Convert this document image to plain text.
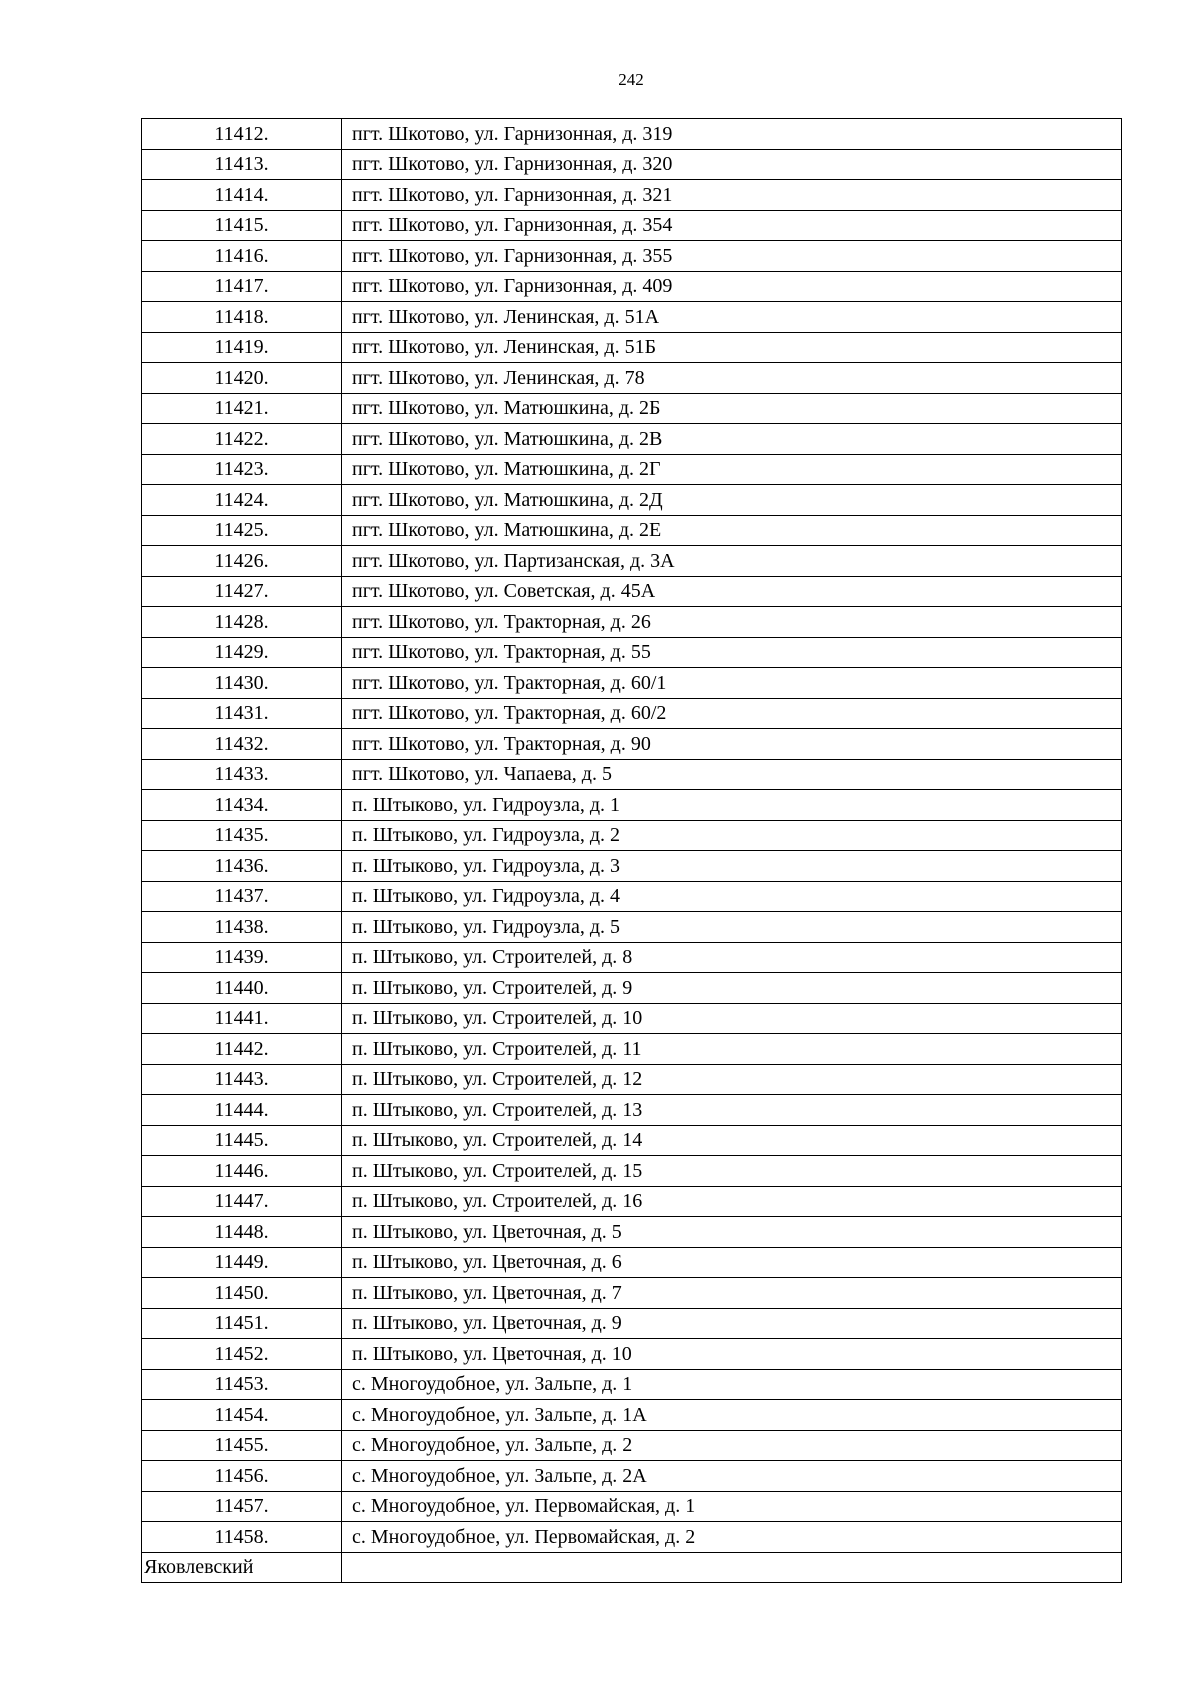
242
11412.	пгт. Шкотово, ул. Гарнизонная, д. 319
11413.	пгт. Шкотово, ул. Гарнизонная, д. 320
11414.	пгт. Шкотово, ул. Гарнизонная, д. 321
11415.	пгт. Шкотово, ул. Гарнизонная, д. 354
11416.	пгт. Шкотово, ул. Гарнизонная, д. 355
11417.	пгт. Шкотово, ул. Гарнизонная, д. 409
11418.	пгт. Шкотово, ул. Ленинская, д. 51А
11419.	пгт. Шкотово, ул. Ленинская, д. 51Б
11420.	пгт. Шкотово, ул. Ленинская, д. 78
11421.	пгт. Шкотово, ул. Матюшкина, д. 2Б
11422.	пгт. Шкотово, ул. Матюшкина, д. 2В
11423.	пгт. Шкотово, ул. Матюшкина, д. 2Г
11424.	пгт. Шкотово, ул. Матюшкина, д. 2Д
11425.	пгт. Шкотово, ул. Матюшкина, д. 2Е
11426.	пгт. Шкотово, ул. Партизанская, д. 3А
11427.	пгт. Шкотово, ул. Советская, д. 45А
11428.	пгт. Шкотово, ул. Тракторная, д. 26
11429.	пгт. Шкотово, ул. Тракторная, д. 55
11430.	пгт. Шкотово, ул. Тракторная, д. 60/1
11431.	пгт. Шкотово, ул. Тракторная, д. 60/2
11432.	пгт. Шкотово, ул. Тракторная, д. 90
11433.	пгт. Шкотово, ул. Чапаева, д. 5
11434.	п. Штыково, ул. Гидроузла, д. 1
11435.	п. Штыково, ул. Гидроузла, д. 2
11436.	п. Штыково, ул. Гидроузла, д. 3
11437.	п. Штыково, ул. Гидроузла, д. 4
11438.	п. Штыково, ул. Гидроузла, д. 5
11439.	п. Штыково, ул. Строителей, д. 8
11440.	п. Штыково, ул. Строителей, д. 9
11441.	п. Штыково, ул. Строителей, д. 10
11442.	п. Штыково, ул. Строителей, д. 11
11443.	п. Штыково, ул. Строителей, д. 12
11444.	п. Штыково, ул. Строителей, д. 13
11445.	п. Штыково, ул. Строителей, д. 14
11446.	п. Штыково, ул. Строителей, д. 15
11447.	п. Штыково, ул. Строителей, д. 16
11448.	п. Штыково, ул. Цветочная, д. 5
11449.	п. Штыково, ул. Цветочная, д. 6
11450.	п. Штыково, ул. Цветочная, д. 7
11451.	п. Штыково, ул. Цветочная, д. 9
11452.	п. Штыково, ул. Цветочная, д. 10
11453.	с. Многоудобное, ул. Зальпе, д. 1
11454.	с. Многоудобное, ул. Зальпе, д. 1А
11455.	с. Многоудобное, ул. Зальпе, д. 2
11456.	с. Многоудобное, ул. Зальпе, д. 2А
11457.	с. Многоудобное, ул. Первомайская, д. 1
11458.	с. Многоудобное, ул. Первомайская, д. 2
Яковлевский	
